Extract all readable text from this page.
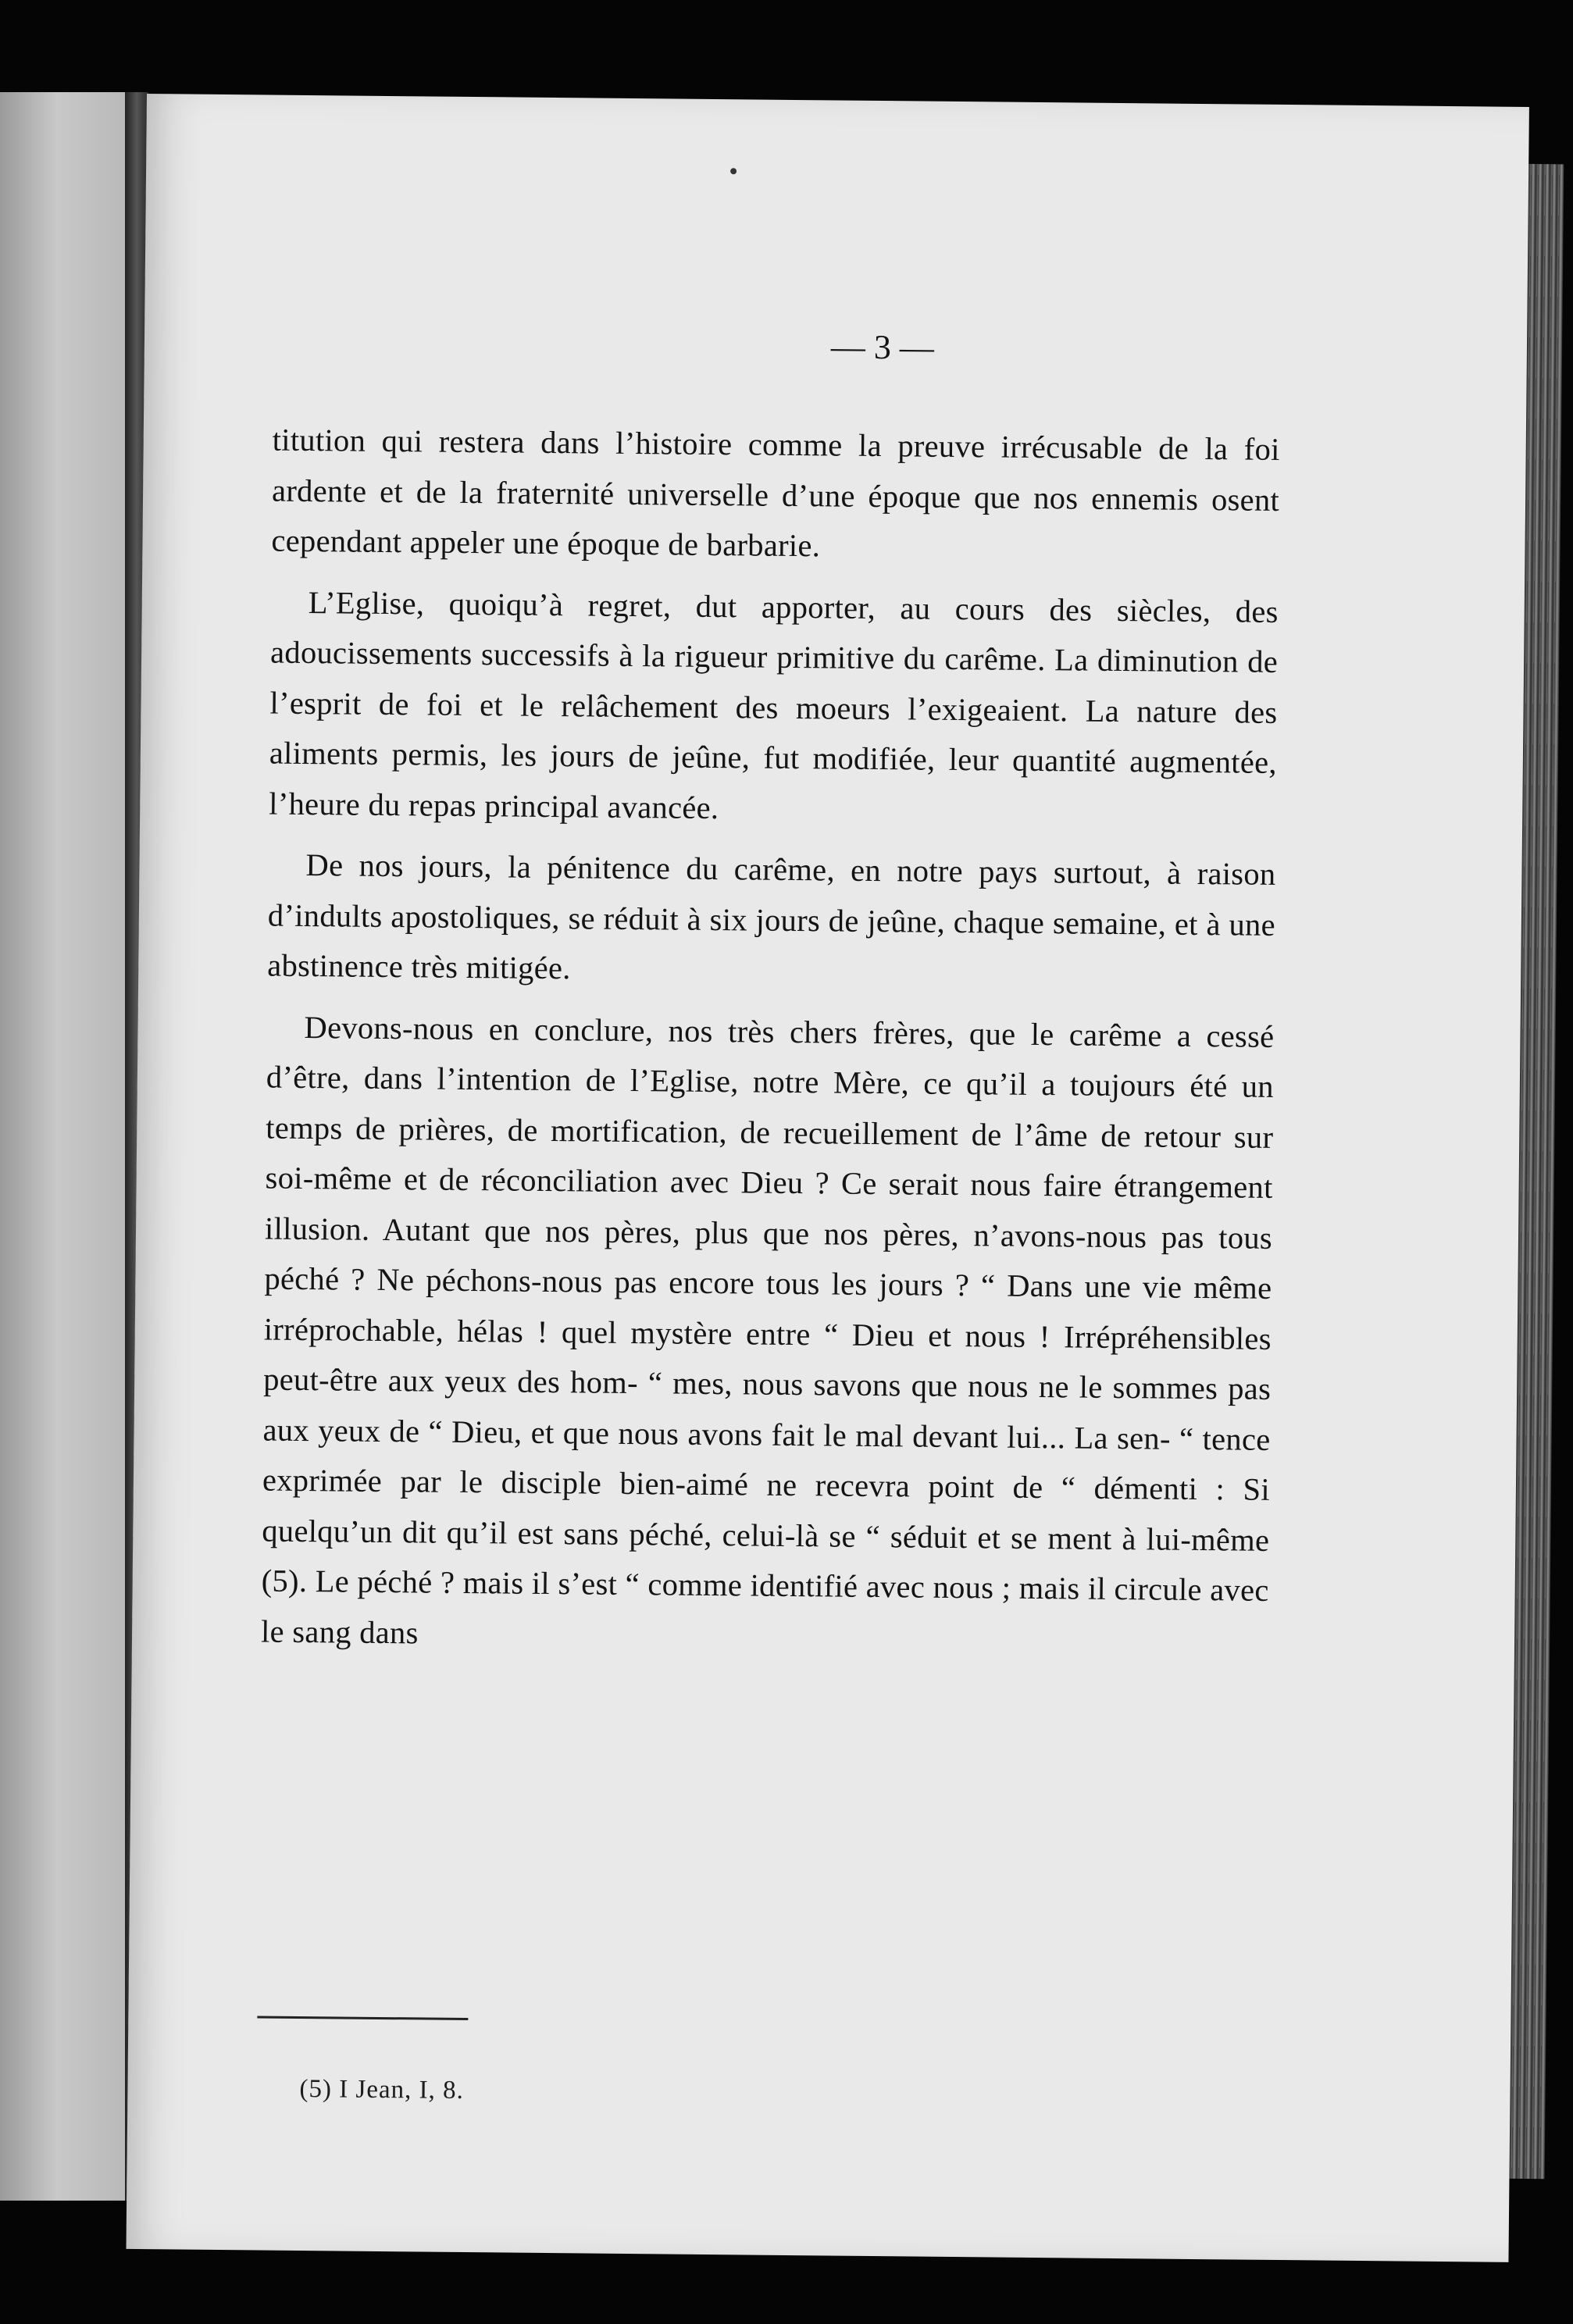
— 3 —

titution qui restera dans l’histoire comme la preuve irrécusable de la foi ardente et de la fraternité universelle d’une époque que nos ennemis osent cependant appeler une époque de barbarie.

L’Eglise, quoiqu’à regret, dut apporter, au cours des siècles, des adoucissements successifs à la rigueur primitive du carême. La diminution de l’esprit de foi et le relâchement des moeurs l’exigeaient. La nature des aliments permis, les jours de jeûne, fut modifiée, leur quantité augmentée, l’heure du repas principal avancée.

De nos jours, la pénitence du carême, en notre pays surtout, à raison d’indults apostoliques, se réduit à six jours de jeûne, chaque semaine, et à une abstinence très mitigée.

Devons-nous en conclure, nos très chers frères, que le carême a cessé d’être, dans l’intention de l’Eglise, notre Mère, ce qu’il a toujours été un temps de prières, de mortification, de recueillement de l’âme de retour sur soi-même et de réconciliation avec Dieu ? Ce serait nous faire étrangement illusion. Autant que nos pères, plus que nos pères, n’avons-nous pas tous péché ? Ne péchons-nous pas encore tous les jours ? “ Dans une vie même irréprochable, hélas ! quel mystère entre “ Dieu et nous ! Irrépréhensibles peut-être aux yeux des hom- “ mes, nous savons que nous ne le sommes pas aux yeux de “ Dieu, et que nous avons fait le mal devant lui... La sen- “ tence exprimée par le disciple bien-aimé ne recevra point de “ démenti : Si quelqu’un dit qu’il est sans péché, celui-là se “ séduit et se ment à lui-même (5). Le péché ? mais il s’est “ comme identifié avec nous ; mais il circule avec le sang dans

(5) I Jean, I, 8.
